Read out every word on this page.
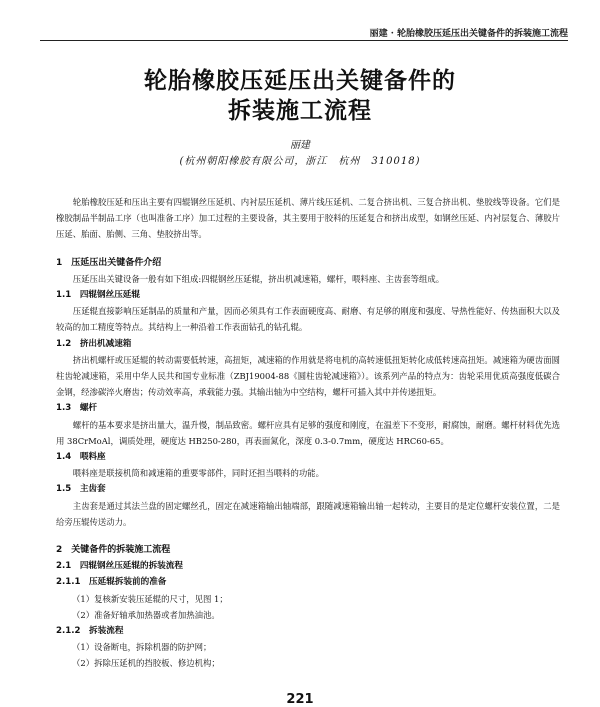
丽建 · 轮胎橡胶压延压出关键备件的拆装施工流程
轮胎橡胶压延压出关键备件的
拆装施工流程
丽建
(杭州朝阳橡胶有限公司，浙江　杭州　310018)

轮胎橡胶压延和压出主要有四辊钢丝压延机、内衬层压延机、薄片线压延机、二复合挤出机、三复合挤出机、垫胶线等设备。它们是橡胶制品半制品工序（也叫准备工序）加工过程的主要设备，其主要用于胶料的压延复合和挤出成型，如钢丝压延、内衬层复合、薄胶片压延、胎面、胎侧、三角、垫胶挤出等。

1　压延压出关键备件介绍

压延压出关键设备一般有如下组成:四辊钢丝压延辊，挤出机减速箱，螺杆，喂料座、主齿套等组成。

1.1　四辊钢丝压延辊

压延辊直接影响压延制品的质量和产量，因而必须具有工作表面硬度高、耐磨、有足够的刚度和强度、导热性能好、传热面积大以及较高的加工精度等特点。其结构上一种沿着工作表面钻孔的钻孔辊。

1.2　挤出机减速箱

挤出机螺杆或压延辊的转动需要低转速，高扭矩，减速箱的作用就是将电机的高转速低扭矩转化成低转速高扭矩。减速箱为硬齿面圆柱齿轮减速箱，采用中华人民共和国专业标准（ZBJ19004-88《圆柱齿轮减速箱》）。该系列产品的特点为：齿轮采用优质高强度低碳合金钢，经渗碳淬火磨齿；传动效率高，承载能力强。其输出轴为中空结构，螺杆可插入其中并传递扭矩。

1.3　螺杆

螺杆的基本要求是挤出量大，温升慢，制品致密。螺杆应具有足够的强度和刚度，在温差下不变形，耐腐蚀，耐磨。螺杆材料优先选用 38CrMoAl，调质处理，硬度达 HB250-280，再表面氮化，深度 0.3-0.7mm，硬度达 HRC60-65。

1.4　喂料座

喂料座是联接机筒和减速箱的重要零部件，同时还担当喂料的功能。

1.5　主齿套

主齿套是通过其法兰盘的固定螺丝孔，固定在减速箱输出轴端部，跟随减速箱输出轴一起转动，主要目的是定位螺杆安装位置，二是给旁压辊传送动力。

2　关键备件的拆装施工流程
2.1　四辊钢丝压延辊的拆装流程
2.1.1　压延辊拆装前的准备
（1）复核新安装压延辊的尺寸，见图 1；
（2）准备好轴承加热器或者加热油池。
2.1.2　拆装流程
（1）设备断电，拆除机器的防护网；
（2）拆除压延机的挡胶板、修边机构；
221
